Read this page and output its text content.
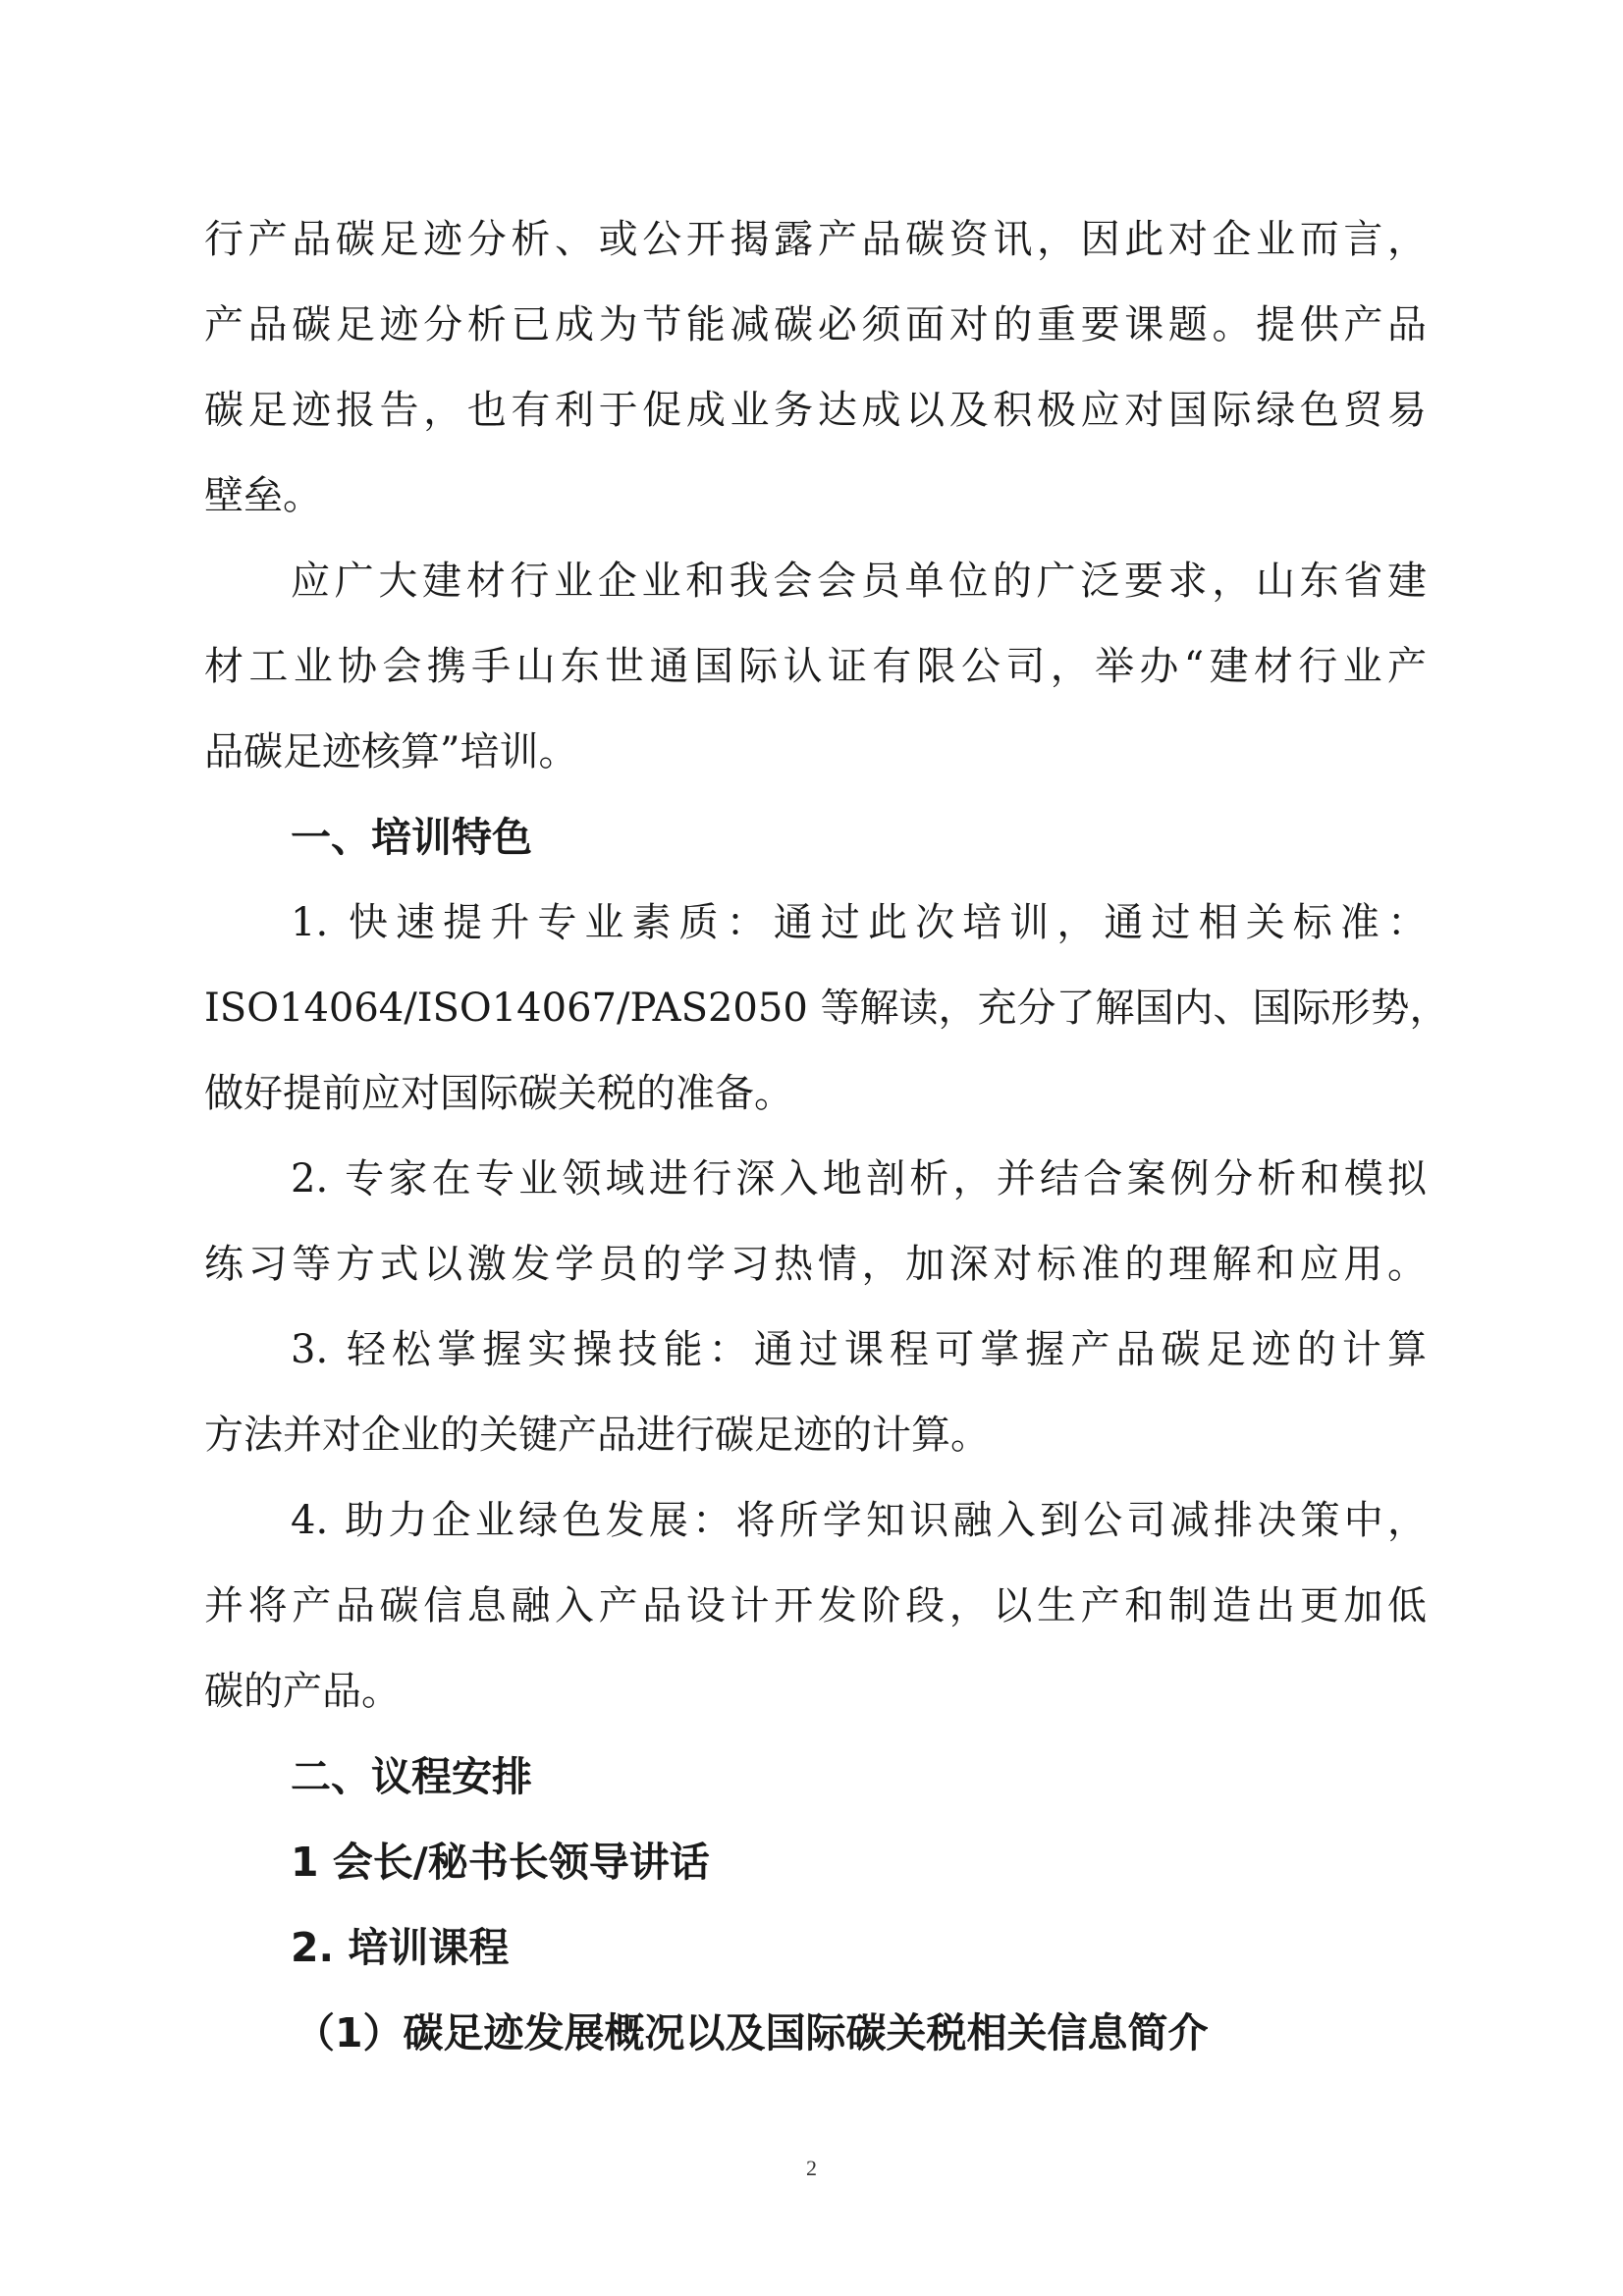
行产品碳足迹分析、或公开揭露产品碳资讯，因此对企业而言，
产品碳足迹分析已成为节能减碳必须面对的重要课题。提供产品
碳足迹报告，也有利于促成业务达成以及积极应对国际绿色贸易
壁垒。
应广大建材行业企业和我会会员单位的广泛要求，山东省建
材工业协会携手山东世通国际认证有限公司，举办“建材行业产
品碳足迹核算”培训。
一、培训特色
1. 快速提升专业素质：通过此次培训，通过相关标准：
ISO14064/ISO14067/PAS2050 等解读，充分了解国内、国际形势，
做好提前应对国际碳关税的准备。
2. 专家在专业领域进行深入地剖析，并结合案例分析和模拟
练习等方式以激发学员的学习热情，加深对标准的理解和应用。
3. 轻松掌握实操技能：通过课程可掌握产品碳足迹的计算
方法并对企业的关键产品进行碳足迹的计算。
4. 助力企业绿色发展：将所学知识融入到公司减排决策中，
并将产品碳信息融入产品设计开发阶段，以生产和制造出更加低
碳的产品。
二、议程安排
1 会长/秘书长领导讲话
2. 培训课程
（1）碳足迹发展概况以及国际碳关税相关信息简介
2
